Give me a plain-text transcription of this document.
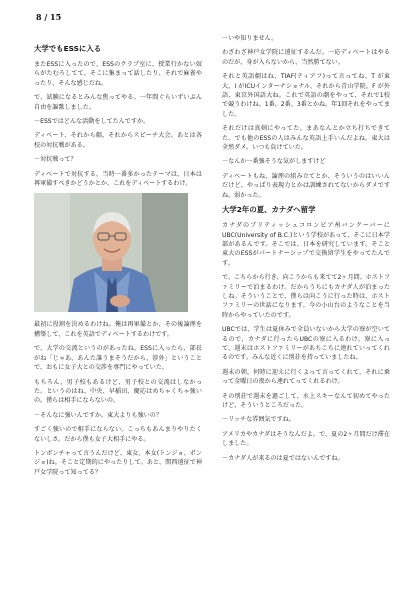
8 / 15
大学でもESSに入る

またESSに入ったので、ESSのクラブ室に、授業行かない奴らがたむろしてて、そこに集まって話したり、それで麻雀やったり、そんな感じだね。

で、試験になるとみんな焦ってやる。一年間ぐらいずいぶん自由を謳歌しました。

－ESSではどんな活動をしてたんですか。

ディベート、それから劇、それからスピーチ大会。あとは各校の対抗戦がある。

－対抗戦って？

ディベートで対抗する。当時一番多かったテーマは、日本は再軍備すべきかどうかとか、これをディベートするわけ。

最初に役割を決めるわけね。俺は再軍備とか、その後論理を構築して、これを英語でディベートするわけです。

で、大学の交流というのがあったね。ESSに入ったら、部長がね「じゃあ、あんた誰うまそうだから、渉外」ということで、おもに女子大との交渉を専門にやっていた。

もちろん、男子校もあるけど、男子校との交流はしなかった。というのはね、中央、早稲田、慶応はめちゃくちゃ強いの。僕らは相手にならないの。

－そんなに強いんですか。東大よりも強いの？

すごく強いので相手にならない。こっちもあんまりやりたくないしさ。だから僕も女子大相手にやる。

トンボンチャって言うんだけど、東女、本女(トンジョ、ポンジョ)ね。そこと定期的にやったりして。あと、関西遠征で神戸女学院って知ってる？

－いや知りません。

わざわざ神戸女学院に遠征するんだ。一応ディベートはやるのだが、身が入らないから、当然勝てない。

それと英語劇はね、TIAF(ティアフ)って言ってね、T が東大、I がICUインターナショナル、それから青山学院。F が外語、東京外国語大ね。これで英語の劇をやって、それで1校で競うわけね。1番、2番、3番とかね。年1回それをやってました。

それだけは真剣にやってた。まあなんとか立ち打ちできてた。でも他のESSの人はみんな英語上手いんだよね。東大は全然ダメ。いつも負けていた。

－なんか一番強そうな気がしますけど

ディベートもね、論理の組み立てとか、そういうのはいいんだけど、やっぱり表現力とかは訓練されてないからダメですね。弱かった。

大学2年の夏、カナダへ留学

カナダのブリティッシュコロンビア州バンクーバーにUBC(University of B.C.)という学校があって、そこに日本学部があるんです。そこでは、日本を研究しています。そこと東大のESSがパートナーシップで交換留学生をやってたんです。

で、こちらから行き、向こうからも来てて2ヶ月間、ホストファミリーで泊まるわけ。だからうちにもカナダ人が泊まったしね。そういうことで、僕らは向こうに行った時は、ホストファミリーの世話になります。今の小山台のようなことを当時からやっていたのです。

UBCでは、学生は夏休みで全員いないから大学の寮が空いてるので、カナダに行ったらUBCの寮に入るわけ。寮に入って、週末はホストファミリーがあちこちに連れていってくれるのです。みんな近くに別荘を持っていましたね。

週末の朝、何時に迎えに行くよって言ってくれて、それに乗って金曜日の夜から連れてってくれるわけ。

その別荘で週末を過ごして、水上スキーなんて初めてやったけど、そういうところだった。

－リッチな雰囲気ですね。

アメリカやカナダはそうなんだよ。で、夏の2ヶ月間だけ滞在しました。

－カナダ人が来るのは夏ではないんですね。
